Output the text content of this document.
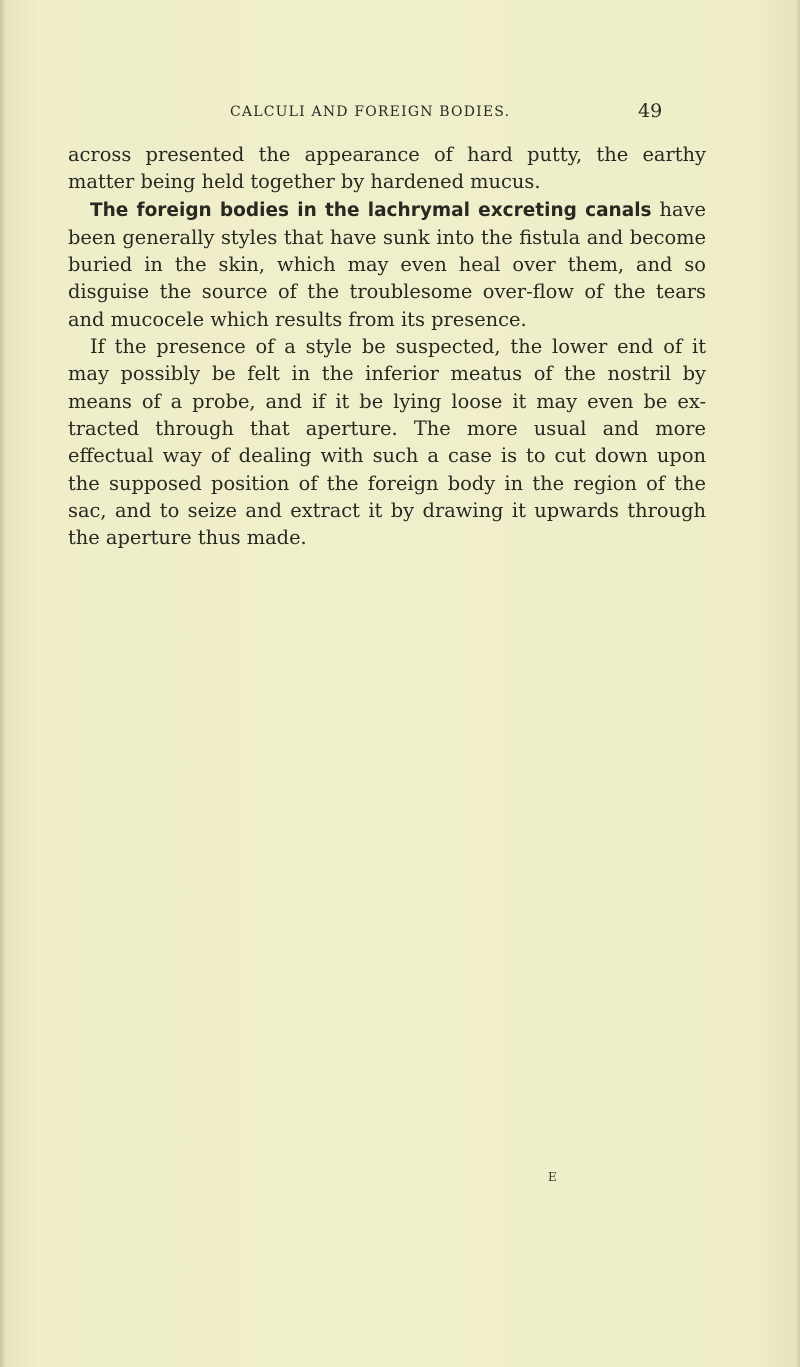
CALCULI AND FOREIGN BODIES.	49

across presented the appearance of hard putty, the earthy matter being held together by hardened mucus.

The foreign bodies in the lachrymal excreting canals have been generally styles that have sunk into the fistula and become buried in the skin, which may even heal over them, and so disguise the source of the troublesome over-flow of the tears and mucocele which results from its presence.

If the presence of a style be suspected, the lower end of it may possibly be felt in the inferior meatus of the nostril by means of a probe, and if it be lying loose it may even be ex-tracted through that aperture. The more usual and more effectual way of dealing with such a case is to cut down upon the supposed position of the foreign body in the region of the sac, and to seize and extract it by drawing it upwards through the aperture thus made.

E
